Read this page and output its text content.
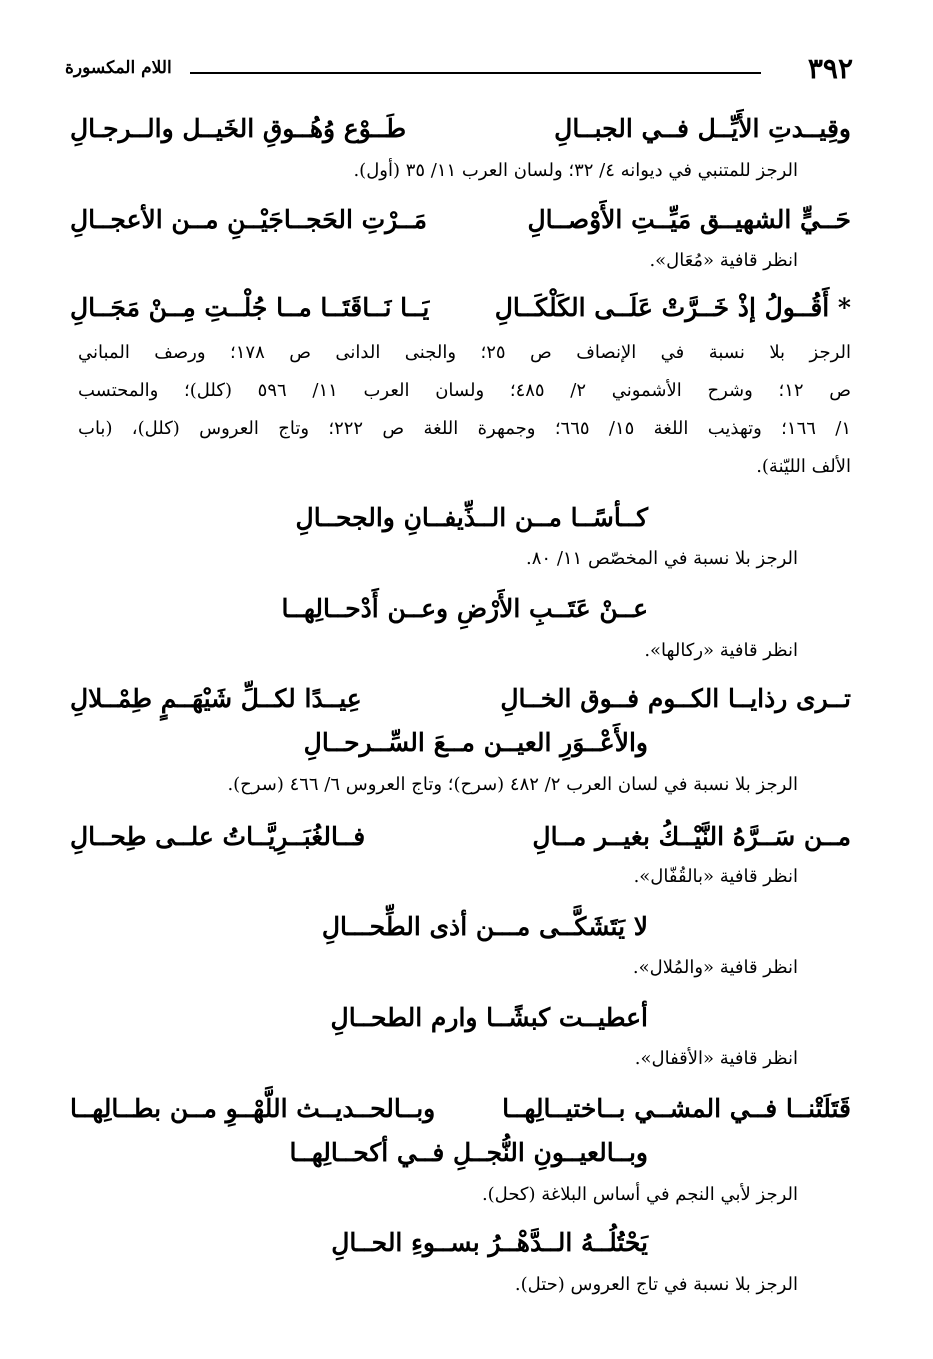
٣٩٢
اللام المكسورة
وقِيــدتِ الأَيِّــل فــي الجبــالِ
طَــوْع وُهُــوقِ الخَيــل والــرجـالِ
الرجز للمتنبي في ديوانه ٤/ ٣٢؛ ولسان العرب ١١/ ٣٥ (أول).
حَــيٍّ الشهيــق مَيِّــتِ الأَوْصــالِ
مَــرْتِ الحَجــاجَيْــنِ مــن الأعجــالِ
انظر قافية «مُعَال».
* أَقُــولُ إذْ خَــرَّتْ عَلَــى الكَلْكَــالِ
يَــا نَــاقَتَــا مــا جُلْــتِ مِــنْ مَجَــالِ
الرجز بلا نسبة في الإنصاف ص ٢٥؛ والجنى الدانى ص ١٧٨؛ ورصف المباني
ص ١٢؛ وشرح الأشموني ٢/ ٤٨٥؛ ولسان العرب ١١/ ٥٩٦ (كلل)؛ والمحتسب
١/ ١٦٦؛ وتهذيب اللغة ١٥/ ٦٦٥؛ وجمهرة اللغة ص ٢٢٢؛ وتاج العروس (كلل)، (باب
الألف الليّنة).
كــأسًــا مــن الــذِّيفــانِ والجحــالِ
الرجز بلا نسبة في المخصّص ١١/ ٨٠.
عــنْ عَتَــبِ الأَرْضِ وعــن أَدْحــالِهــا
انظر قافية «ركالها».
تــرى رذايــا الكــوم فــوق الخــالِ
عِيــدًا لكــلِّ شَيْهَــمٍ طِمْــلالِ
والأَعْــوَرِ العيــن مــعَ السِّــرحــالِ
الرجز بلا نسبة في لسان العرب ٢/ ٤٨٢ (سرح)؛ وتاج العروس ٦/ ٤٦٦ (سرح).
مــن سَــرَّهُ النَّيْــكُ بغيــر مــالِ
فــالغُبَــرِيَّــاتُ علــى طِحــالِ
انظر قافية «بالقُفّال».
لا يَتَشَكَّــى مـــن أذى الطِّحـــالِ
انظر قافية «والمُلال».
أعطيــت كبشًــا وارم الطحــالِ
انظر قافية «الأقفال».
قَتَلَتْنــا فــي المشــي بــاختيــالِهــا
وبــالحــديــث اللَّهْــوِ مــن بطــالِهــا
وبــالعيــونِ النُّجــلِ فــي أكحــالِهــا
الرجز لأبي النجم في أساس البلاغة (كحل).
يَحْتُلُــهُ الــدَّهْــرُ بســوءِ الحــالِ
الرجز بلا نسبة في تاج العروس (حتل).
